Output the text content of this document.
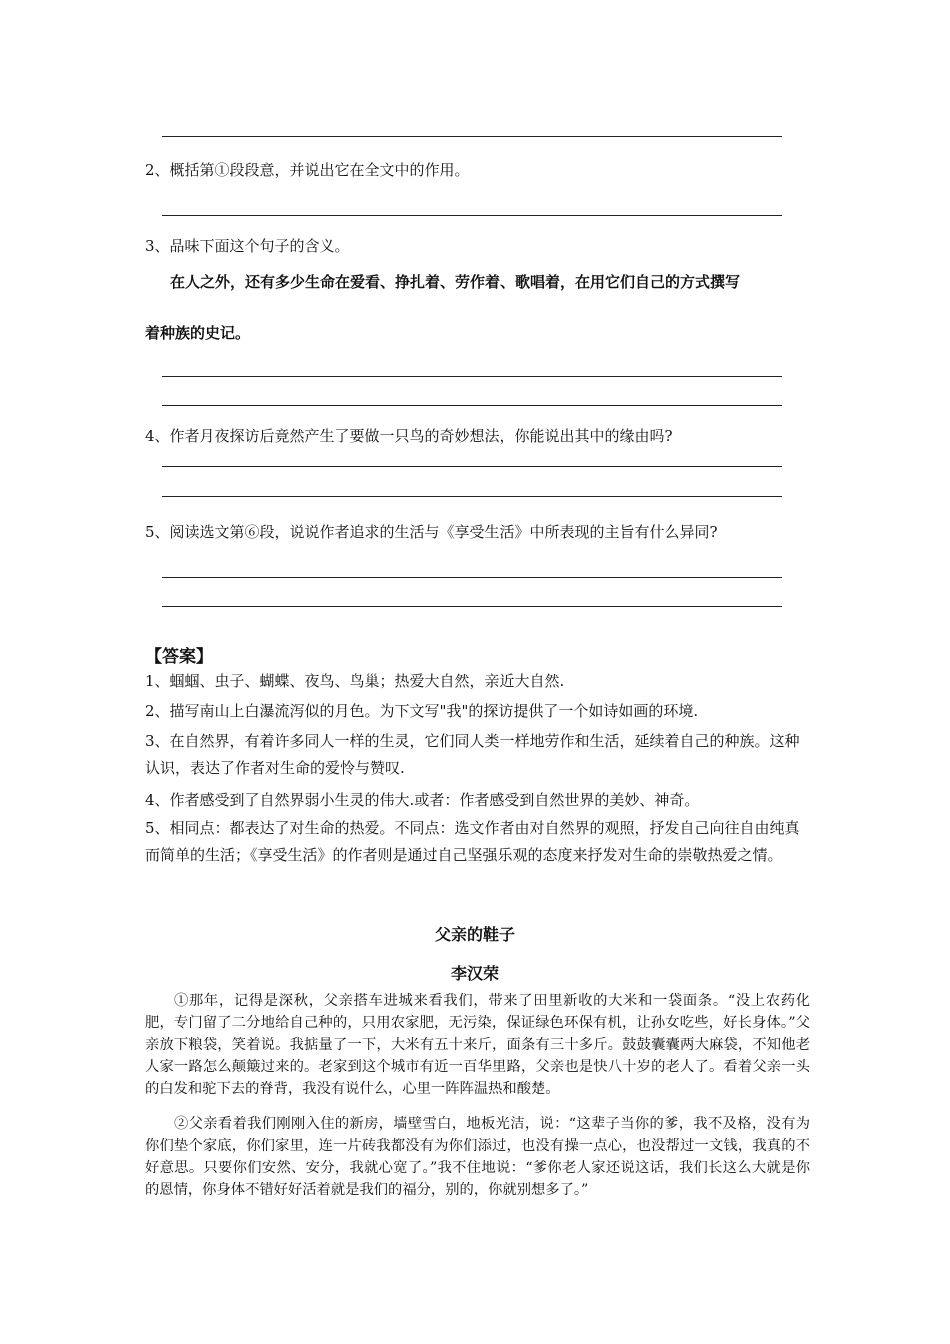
2、概括第①段段意，并说出它在全文中的作用。
3、品味下面这个句子的含义。
在人之外，还有多少生命在爱看、挣扎着、劳作着、歌唱着，在用它们自己的方式撰写
着种族的史记。
4、作者月夜探访后竟然产生了要做一只鸟的奇妙想法，你能说出其中的缘由吗?
5、阅读选文第⑥段，说说作者追求的生活与《享受生活》中所表现的主旨有什么异同?
【答案】
1、蝈蝈、虫子、蝴蝶、夜鸟、鸟巢；热爱大自然，亲近大自然.
2、描写南山上白瀑流泻似的月色。为下文写"我"的探访提供了一个如诗如画的环境.
3、在自然界，有着许多同人一样的生灵，它们同人类一样地劳作和生活，延续着自己的种族。这种认识，表达了作者对生命的爱怜与赞叹.
4、作者感受到了自然界弱小生灵的伟大.或者：作者感受到自然世界的美妙、神奇。
5、相同点：都表达了对生命的热爱。不同点：选文作者由对自然界的观照，抒发自己向往自由纯真而简单的生活；《享受生活》的作者则是通过自己坚强乐观的态度来抒发对生命的崇敬热爱之情。
父亲的鞋子
李汉荣
①那年，记得是深秋，父亲搭车进城来看我们，带来了田里新收的大米和一袋面条。“没上农药化肥，专门留了二分地给自己种的，只用农家肥，无污染，保证绿色环保有机，让孙女吃些，好长身体。”父亲放下粮袋，笑着说。我掂量了一下，大米有五十来斤，面条有三十多斤。鼓鼓囊囊两大麻袋，不知他老人家一路怎么颠簸过来的。老家到这个城市有近一百华里路，父亲也是快八十岁的老人了。看着父亲一头的白发和驼下去的脊背，我没有说什么，心里一阵阵温热和酸楚。
②父亲看着我们刚刚入住的新房，墙壁雪白，地板光洁，说：“这辈子当你的爹，我不及格，没有为你们垫个家底，你们家里，连一片砖我都没有为你们添过，也没有操一点心，也没帮过一文钱，我真的不好意思。只要你们安然、安分，我就心宽了。”我不住地说：“爹你老人家还说这话，我们长这么大就是你的恩情，你身体不错好好活着就是我们的福分，别的，你就别想多了。”
